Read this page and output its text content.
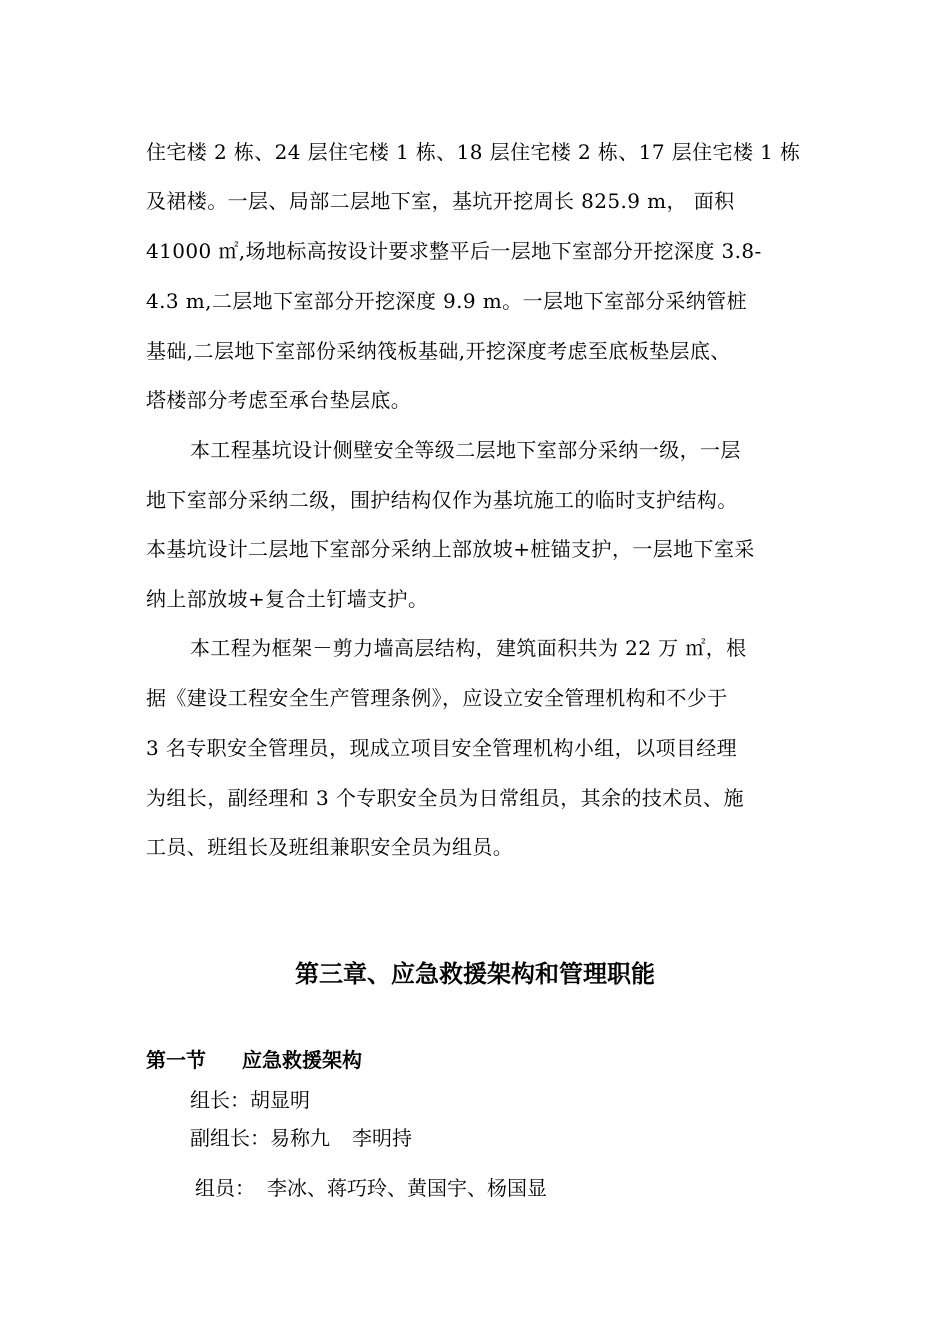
住宅楼 2 栋、24 层住宅楼 1 栋、18 层住宅楼 2 栋、17 层住宅楼 1 栋
及裙楼。一层、局部二层地下室，基坑开挖周长 825.9 m， 面积
41000 ㎡,场地标高按设计要求整平后一层地下室部分开挖深度 3.8-
4.3 m,二层地下室部分开挖深度 9.9 m。一层地下室部分采纳管桩
基础,二层地下室部份采纳筏板基础,开挖深度考虑至底板垫层底、
塔楼部分考虑至承台垫层底。
本工程基坑设计侧壁安全等级二层地下室部分采纳一级，一层
地下室部分采纳二级，围护结构仅作为基坑施工的临时支护结构。
本基坑设计二层地下室部分采纳上部放坡+桩锚支护，一层地下室采
纳上部放坡+复合土钉墙支护。
本工程为框架－剪力墙高层结构，建筑面积共为 22 万 ㎡，根
据《建设工程安全生产管理条例》，应设立安全管理机构和不少于
3 名专职安全管理员，现成立项目安全管理机构小组，以项目经理
为组长，副经理和 3 个专职安全员为日常组员，其余的技术员、施
工员、班组长及班组兼职安全员为组员。
第三章、应急救援架构和管理职能
第一节 应急救援架构
组长：胡显明
副组长：易称九 李明持
组员： 李冰、蒋巧玲、黄国宇、杨国显
